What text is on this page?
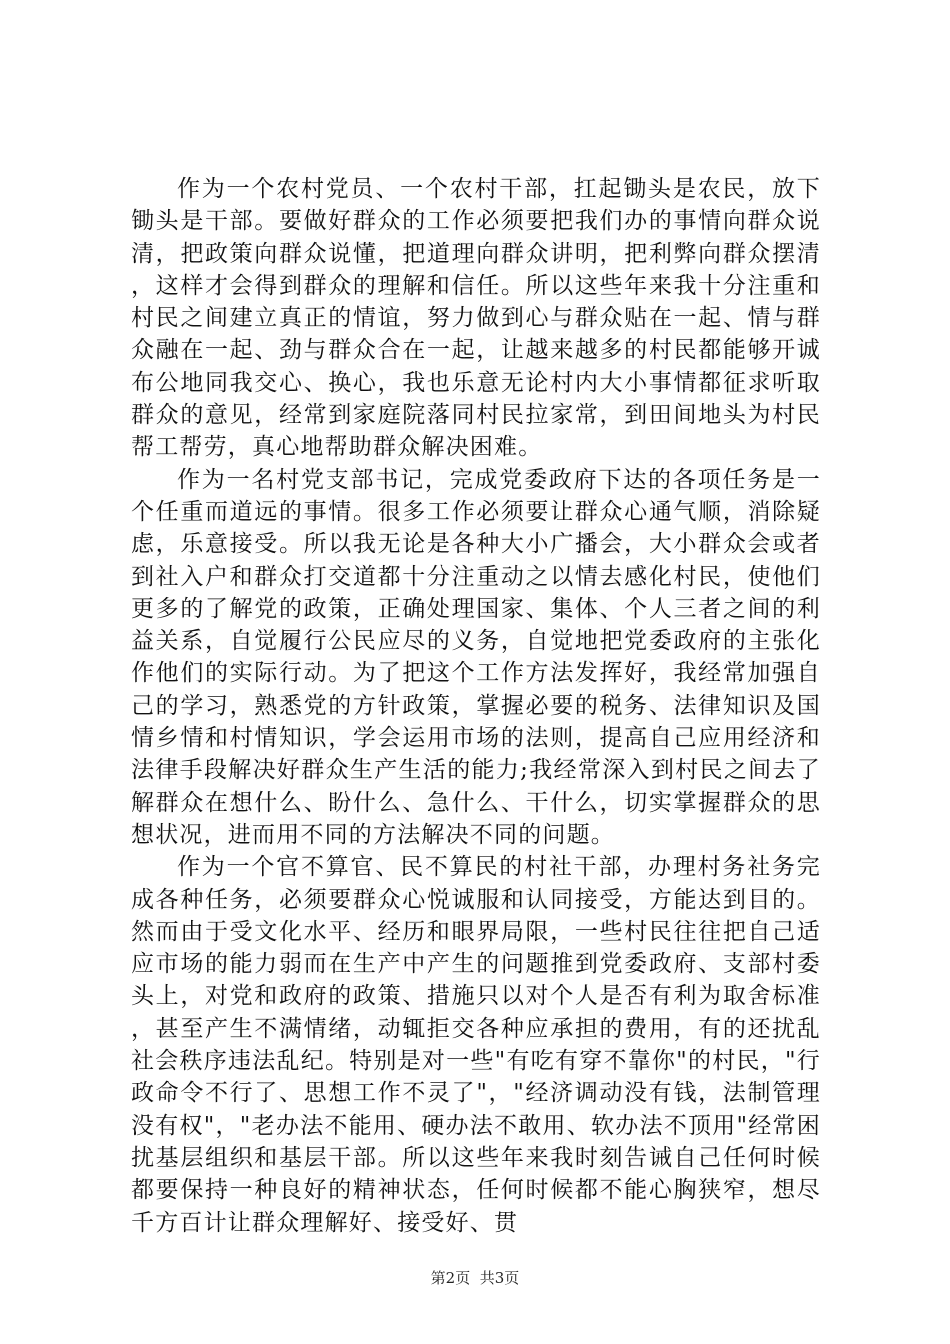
作为一个农村党员、一个农村干部，扛起锄头是农民，放下锄头是干部。要做好群众的工作必须要把我们办的事情向群众说清，把政策向群众说懂，把道理向群众讲明，把利弊向群众摆清，这样才会得到群众的理解和信任。所以这些年来我十分注重和村民之间建立真正的情谊，努力做到心与群众贴在一起、情与群众融在一起、劲与群众合在一起，让越来越多的村民都能够开诚布公地同我交心、换心，我也乐意无论村内大小事情都征求听取群众的意见，经常到家庭院落同村民拉家常，到田间地头为村民帮工帮劳，真心地帮助群众解决困难。

作为一名村党支部书记，完成党委政府下达的各项任务是一个任重而道远的事情。很多工作必须要让群众心通气顺，消除疑虑，乐意接受。所以我无论是各种大小广播会，大小群众会或者到社入户和群众打交道都十分注重动之以情去感化村民，使他们更多的了解党的政策，正确处理国家、集体、个人三者之间的利益关系，自觉履行公民应尽的义务，自觉地把党委政府的主张化作他们的实际行动。为了把这个工作方法发挥好，我经常加强自己的学习，熟悉党的方针政策，掌握必要的税务、法律知识及国情乡情和村情知识，学会运用市场的法则，提高自己应用经济和法律手段解决好群众生产生活的能力;我经常深入到村民之间去了解群众在想什么、盼什么、急什么、干什么，切实掌握群众的思想状况，进而用不同的方法解决不同的问题。

作为一个官不算官、民不算民的村社干部，办理村务社务完成各种任务，必须要群众心悦诚服和认同接受，方能达到目的。然而由于受文化水平、经历和眼界局限，一些村民往往把自己适应市场的能力弱而在生产中产生的问题推到党委政府、支部村委头上，对党和政府的政策、措施只以对个人是否有利为取舍标准，甚至产生不满情绪，动辄拒交各种应承担的费用，有的还扰乱社会秩序违法乱纪。特别是对一些"有吃有穿不靠你"的村民，"行政命令不行了、思想工作不灵了"，"经济调动没有钱，法制管理没有权"，"老办法不能用、硬办法不敢用、软办法不顶用"经常困扰基层组织和基层干部。所以这些年来我时刻告诫自己任何时候都要保持一种良好的精神状态，任何时候都不能心胸狭窄，想尽千方百计让群众理解好、接受好、贯

第2页 共3页
